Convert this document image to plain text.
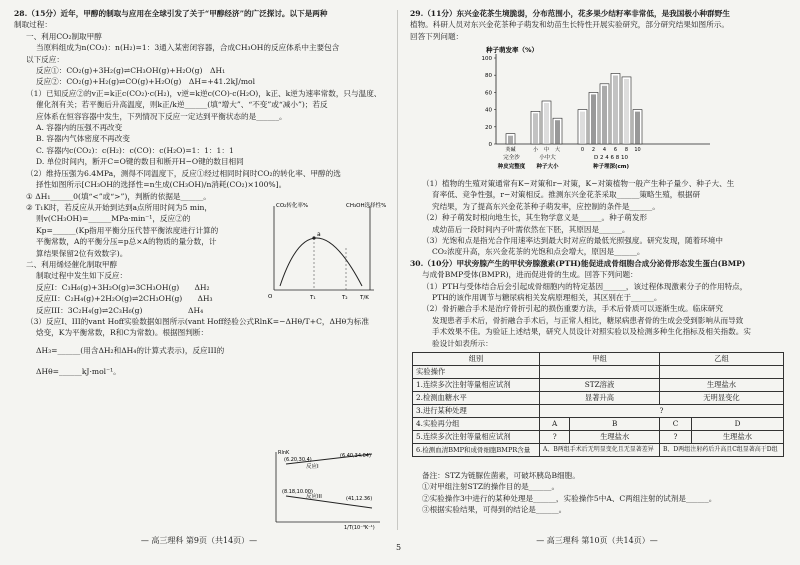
28.（15分）近年，甲醇的制取与应用在全球引发了关于“甲醇经济”的广泛探讨。以下是两种

制取过程：

一、利用CO₂制取甲醇

当原料组成为n(CO₂)：n(H₂)=1：3通入某密闭容器，合成CH₃OH的反应体系中主要包含

以下反应：

反应①：CO₂(g)+3H₂(g)⇌CH₃OH(g)+H₂O(g)　ΔH₁

反应②：CO₂(g)+H₂(g)⇌CO(g)+H₂O(g)　ΔH=+41.2kJ/mol

（1）已知反应②的v正=k正c(CO₂)·c(H₂)，v逆=k逆c(CO)·c(H₂O)，k正、k逆为速率常数，只与温度、

催化剂有关；若平衡后升高温度，则k正/k逆______(填“增大”、“不变”或“减小”)；若反

应体系在恒容容器中发生，下列情况下反应一定达到平衡状态的是______。

A. 容器内的压强不再改变

B. 容器内气体密度不再改变

C. 容器内c(CO₂)：c(H₂)：c(CO)：c(H₂O)=1：1：1：1

D. 单位时间内，断开C=O键的数目和断开H−O键的数目相同

（2）维持压强为6.4MPa，测得不同温度下，反应①经过相同时间时CO₂的转化率、甲醇的选

择性如图所示[CH₃OH的选择性=n生成(CH₃OH)/n消耗(CO₂)×100%]。

① ΔH₁______0(填“<”或“>”)，判断的依据是______。

② T₁K时，若反应从开始到达到a点所用时间为5 min，

则v(CH₃OH)=______MPa·min⁻¹，反应②的

Kp=______(Kp指用平衡分压代替平衡浓度进行计算的

平衡常数，A的平衡分压=p总×A的物质的量分数，计

算结果保留2位有效数字)。

二、利用烯烃催化制取甲醇

制取过程中发生如下反应：

反应I：C₃H₆(g)+3H₂O(g)⇌3CH₃OH(g)　　ΔH₂

反应II：C₂H₄(g)+2H₂O(g)⇌2CH₃OH(g)　　ΔH₃

反应III：3C₂H₄(g)⇌2C₃H₆(g)　　　　　　ΔH₄

（3）反应I、III的vant Hoff实验数据如图所示(vant Hoff经验公式RlnK=−ΔHθ/T+C，ΔHθ为标准

焓变，K为平衡常数，R和C为常数)。根据图判断：

ΔH₃=______(用含ΔH₂和ΔH₄的计算式表示)，反应III的

ΔHθ=______kJ·mol⁻¹。

CO₂转化率%	CH₃OH选择性%
a
T₁	T₂ T/K
O
(6.20,30.4)
(6.40,34.04)
(8.18,10.00)
(41,12.36)
反应I
反应III
RlnK
1/T(10⁻³K⁻¹)
— 高三理科 第9页（共14页）—
5

29.（11分）东兴金花茶生境脆弱，分布范围小，花多果少结籽率非常低，是我国极小种群野生

植物。科研人员对东兴金花茶种子萌发和幼苗生长特性开展实验研究，部分研究结果如图所示。

回答下列问题：

种子萌发率（%）
0
20
40
60
80
100
荚碱
完全沙
种皮完整度
小 中 大
小中大
种子大小
0 2 4 6 8 10
D 2 4 6 8 10
种子埋深(cm)

（1）植物的生殖对策通常有K−对策和r−对策，K−对策植物一般产生种子量少、种子大、生

育率低、竞争性强，r−对策相反。推测东兴金花茶采取______策略生殖，根据研

究结果，为了提高东兴金花茶种子萌发率，应控制的条件是______。

（2）种子萌发时根向地生长，其生物学意义是______。种子萌发形

成幼苗后一段时间内子叶需依然在下胚，其原因是______。

（3）光饱和点是指光合作用速率达到最大时对应的最低光照强度。研究发现，随着环境中

CO₂浓度升高，东兴金花茶的光饱和点会增大，原因是______。

30.（10分）甲状旁腺产生的甲状旁腺激素(PTH)能促进成骨细胞合成分泌骨形态发生蛋白(BMP)

与成骨BMP受体(BMPR)，进而促进骨的生成。回答下列问题：

（1）PTH与受体结合后会引起成骨细胞内的特定基因______，该过程体现激素分子的作用特点，

PTH的该作用调节与糖尿病相关发病原理相关，其区别在于______。

（2）骨折融合手术是治疗骨折引起的损伤重要方法，手术后骨质可以逐渐生成。临床研究

发现患者手术后，骨折融合手术后，与正常人相比，糖尿病患者骨的生成会受到影响从而导致

手术效果不佳。为验证上述结果，研究人员设计对照实验以及检测多种生化指标及相关指数。实

验设计如表所示：

组别	甲组		乙组	
实验操作				
1.连续多次注射等量相应试剂	STZ溶液		生理盐水	
2.检测血糖水平	显著升高		无明显变化	
3.进行某种处理	?			
4.实验再分组	A	B	C	D
5.连续多次注射等量相应试剂	?	生理盐水	?	生理盐水
6.检测血清BMP和成骨细胞BMPR含量	A、B两组手术后无明显变化且无显著差异		B、D两组注射药后升高且C组显著高于D组	

备注：STZ为链脲佐菌素，可破坏胰岛B细胞。

①对甲组注射STZ的操作目的是______。

②实验操作3中进行的某种处理是______，实验操作5中A、C两组注射的试剂是______。

③根据实验结果，可得到的结论是______。

— 高三理科 第10页（共14页）—
